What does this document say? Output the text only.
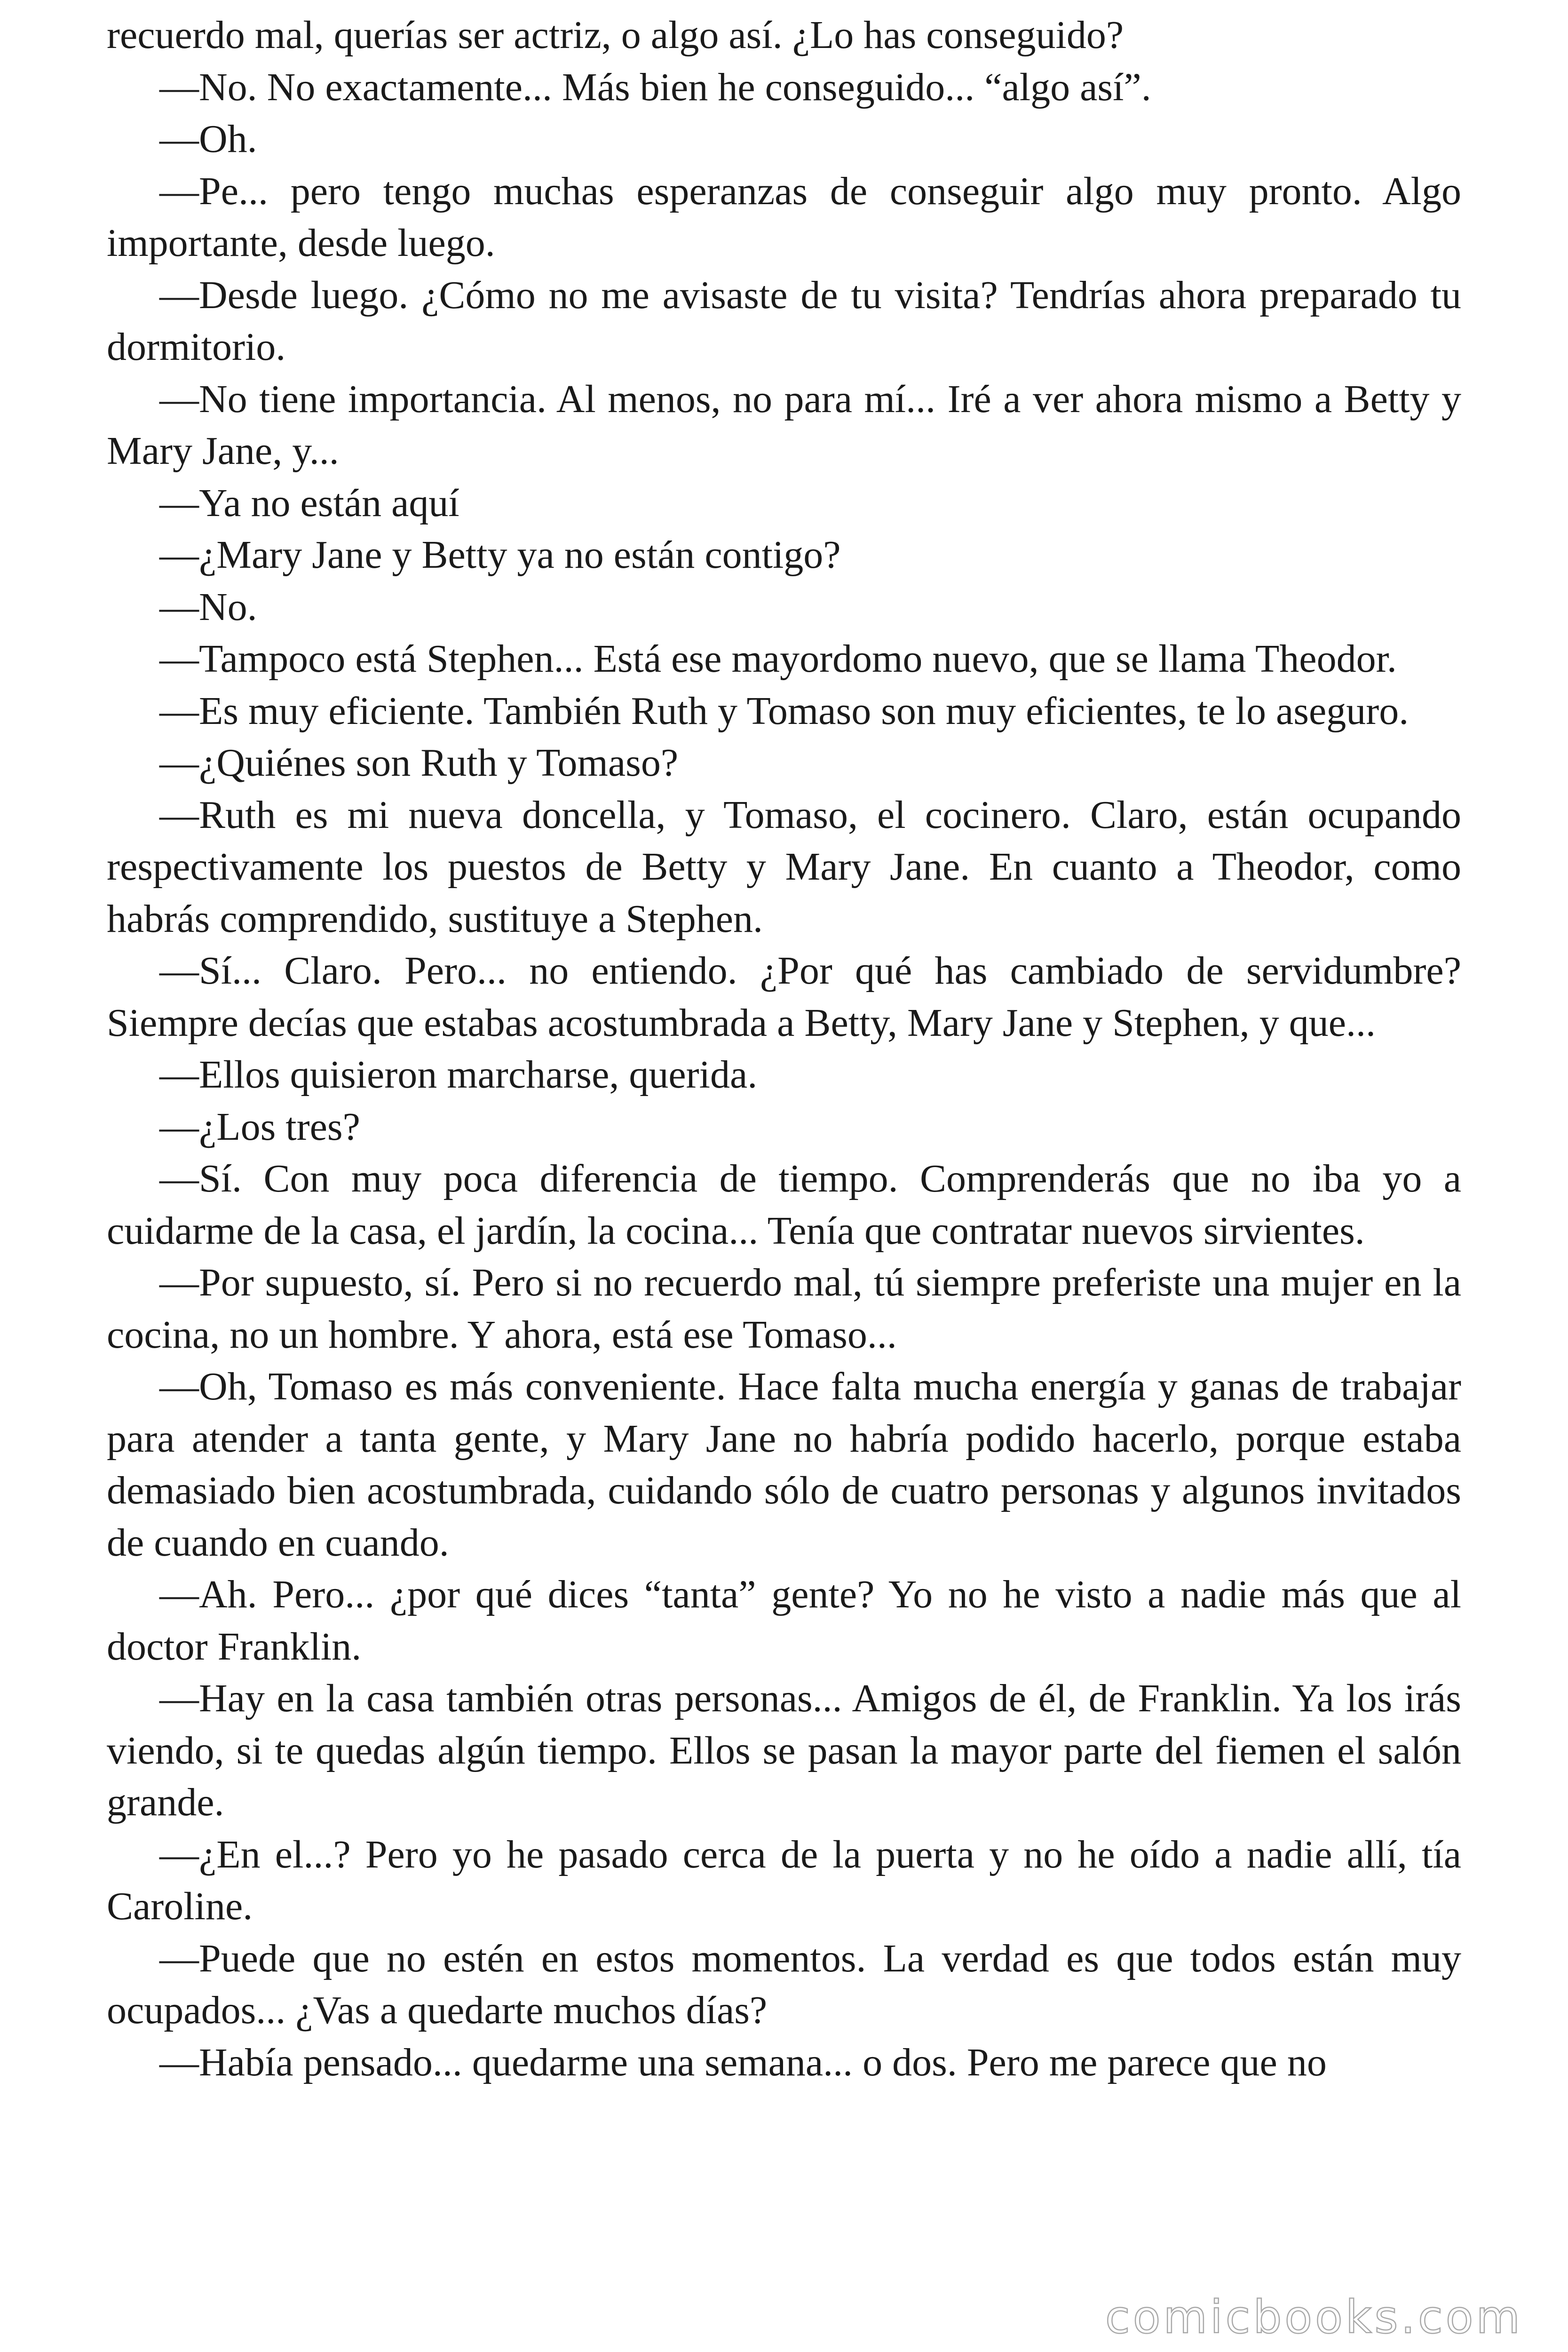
recuerdo mal, querías ser actriz, o algo así. ¿Lo has conseguido?

—No. No exactamente... Más bien he conseguido... “algo así”.

—Oh.

—Pe... pero tengo muchas esperanzas de conseguir algo muy pronto. Algo importante, desde luego.

—Desde luego. ¿Cómo no me avisaste de tu visita? Tendrías ahora preparado tu dormitorio.

—No tiene importancia. Al menos, no para mí... Iré a ver ahora mismo a Betty y Mary Jane, y...

—Ya no están aquí

—¿Mary Jane y Betty ya no están contigo?

—No.

—Tampoco está Stephen... Está ese mayordomo nuevo, que se llama Theodor.

—Es muy eficiente. También Ruth y Tomaso son muy eficientes, te lo aseguro.

—¿Quiénes son Ruth y Tomaso?

—Ruth es mi nueva doncella, y Tomaso, el cocinero. Claro, están ocupando respectivamente los puestos de Betty y Mary Jane. En cuanto a Theodor, como habrás comprendido, sustituye a Stephen.

—Sí... Claro. Pero... no entiendo. ¿Por qué has cambiado de servidumbre? Siempre decías que estabas acostumbrada a Betty, Mary Jane y Stephen, y que...

—Ellos quisieron marcharse, querida.

—¿Los tres?

—Sí. Con muy poca diferencia de tiempo. Comprenderás que no iba yo a cuidarme de la casa, el jardín, la cocina... Tenía que contratar nuevos sirvientes.

—Por supuesto, sí. Pero si no recuerdo mal, tú siempre preferiste una mujer en la cocina, no un hombre. Y ahora, está ese Tomaso...

—Oh, Tomaso es más conveniente. Hace falta mucha energía y ganas de trabajar para atender a tanta gente, y Mary Jane no habría podido hacerlo, porque estaba demasiado bien acostumbrada, cuidando sólo de cuatro personas y algunos invitados de cuando en cuando.

—Ah. Pero... ¿por qué dices “tanta” gente? Yo no he visto a nadie más que al doctor Franklin.

—Hay en la casa también otras personas... Amigos de él, de Franklin. Ya los irás viendo, si te quedas algún tiempo. Ellos se pasan la mayor parte del fiemen el salón grande.

—¿En el...? Pero yo he pasado cerca de la puerta y no he oído a nadie allí, tía Caroline.

—Puede que no estén en estos momentos. La verdad es que todos están muy ocupados... ¿Vas a quedarte muchos días?

—Había pensado... quedarme una semana... o dos. Pero me parece que no

comicbooks.com
